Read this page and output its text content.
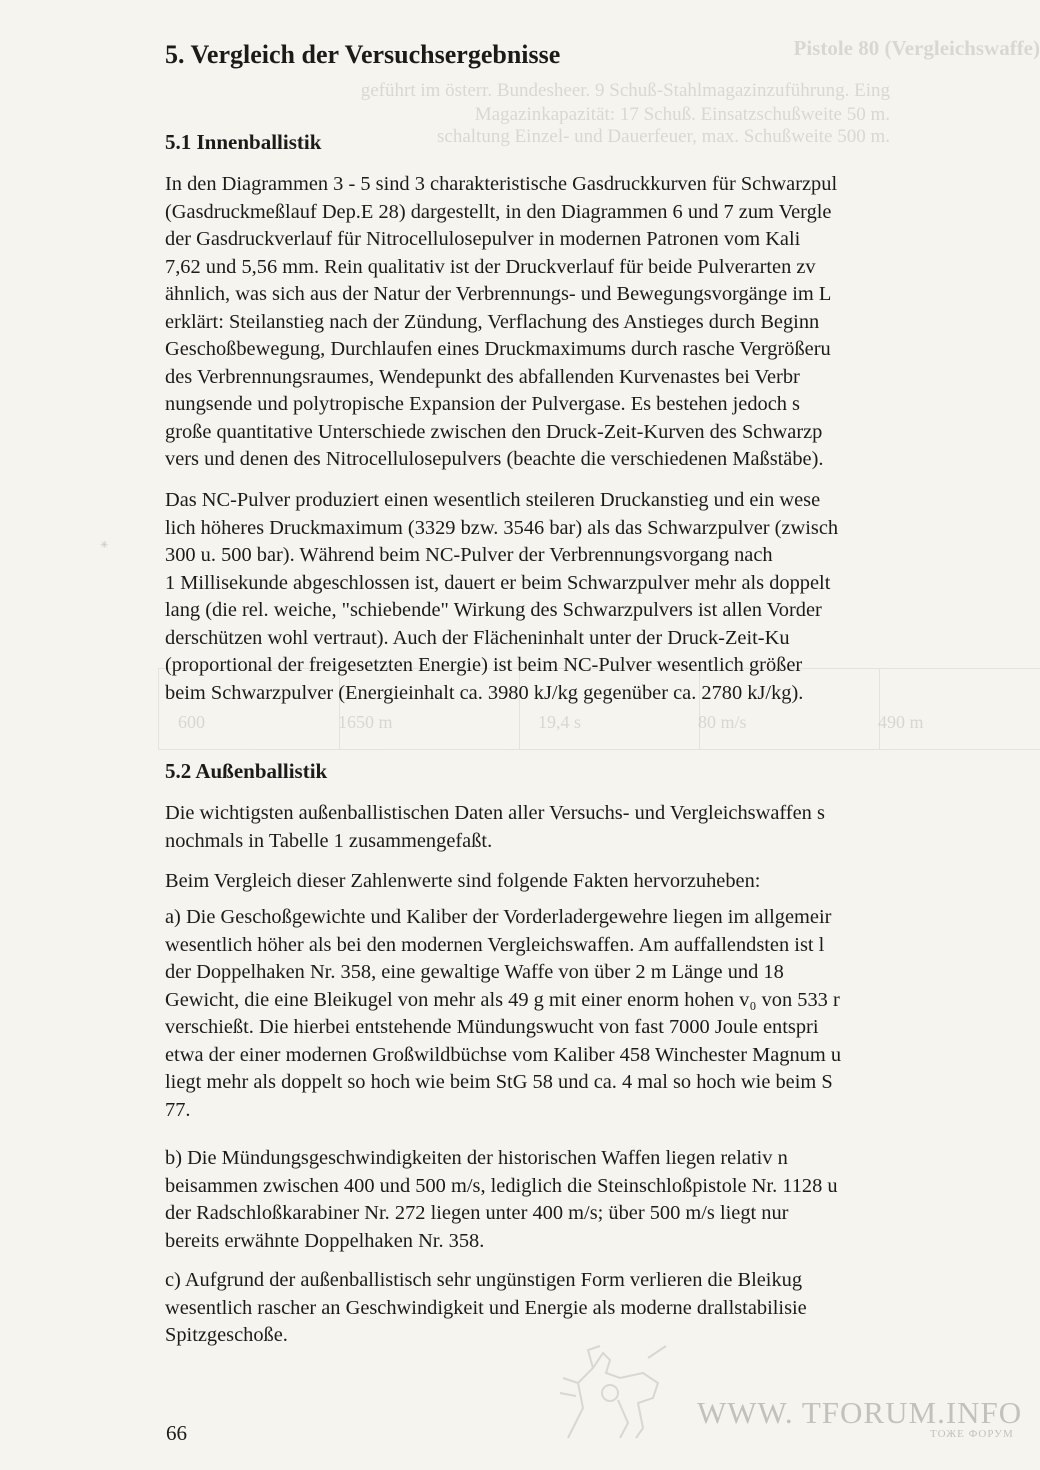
Pistole 80 (Vergleichswaffe)
geführt im österr. Bundesheer. 9 Schuß-Stahlmagazinzuführung. Eing
Magazinkapazität: 17 Schuß. Einsatzschußweite 50 m.
schaltung Einzel- und Dauerfeuer, max. Schußweite 500 m.
600	1650 m	19,4 s	80 m/s	490 m
✳
5. Vergleich der Versuchsergebnisse
5.1 Innenballistik
In den Diagrammen 3 - 5 sind 3 charakteristische Gasdruckkurven für Schwarzpul
(Gasdruckmeßlauf Dep.E 28) dargestellt, in den Diagrammen 6 und 7 zum Vergle
der Gasdruckverlauf für Nitrocellulosepulver in modernen Patronen vom Kali
7,62 und 5,56 mm. Rein qualitativ ist der Druckverlauf für beide Pulverarten zv
ähnlich, was sich aus der Natur der Verbrennungs- und Bewegungsvorgänge im L
erklärt: Steilanstieg nach der Zündung, Verflachung des Anstieges durch Beginn
Geschoßbewegung, Durchlaufen eines Druckmaximums durch rasche Vergrößeru
des Verbrennungsraumes, Wendepunkt des abfallenden Kurvenastes bei Verbr
nungsende und polytropische Expansion der Pulvergase. Es bestehen jedoch s
große quantitative Unterschiede zwischen den Druck-Zeit-Kurven des Schwarzp
vers und denen des Nitrocellulosepulvers (beachte die verschiedenen Maßstäbe).
Das NC-Pulver produziert einen wesentlich steileren Druckanstieg und ein wese
lich höheres Druckmaximum (3329 bzw. 3546 bar) als das Schwarzpulver (zwisch
300 u. 500 bar). Während beim NC-Pulver der Verbrennungsvorgang nach
1 Millisekunde abgeschlossen ist, dauert er beim Schwarzpulver mehr als doppelt
lang (die rel. weiche, "schiebende" Wirkung des Schwarzpulvers ist allen Vorder
derschützen wohl vertraut). Auch der Flächeninhalt unter der Druck-Zeit-Ku
(proportional der freigesetzten Energie) ist beim NC-Pulver wesentlich größer
beim Schwarzpulver (Energieinhalt ca. 3980 kJ/kg gegenüber ca. 2780 kJ/kg).
5.2 Außenballistik
Die wichtigsten außenballistischen Daten aller Versuchs- und Vergleichswaffen s
nochmals in Tabelle 1 zusammengefaßt.
Beim Vergleich dieser Zahlenwerte sind folgende Fakten hervorzuheben:
a) Die Geschoßgewichte und Kaliber der Vorderladergewehre liegen im allgemeir
wesentlich höher als bei den modernen Vergleichswaffen. Am auffallendsten ist l
der Doppelhaken Nr. 358, eine gewaltige Waffe von über 2 m Länge und 18
Gewicht, die eine Bleikugel von mehr als 49 g mit einer enorm hohen v₀ von 533 r
verschießt. Die hierbei entstehende Mündungswucht von fast 7000 Joule entspri
etwa der einer modernen Großwildbüchse vom Kaliber 458 Winchester Magnum u
liegt mehr als doppelt so hoch wie beim StG 58 und ca. 4 mal so hoch wie beim S
77.
b) Die Mündungsgeschwindigkeiten der historischen Waffen liegen relativ n
beisammen zwischen 400 und 500 m/s, lediglich die Steinschloßpistole Nr. 1128 u
der Radschloßkarabiner Nr. 272 liegen unter 400 m/s; über 500 m/s liegt nur
bereits erwähnte Doppelhaken Nr. 358.
c) Aufgrund der außenballistisch sehr ungünstigen Form verlieren die Bleikug
wesentlich rascher an Geschwindigkeit und Energie als moderne drallstabilisie
Spitzgeschoße.
66
WWW. TFORUM.INFO
ТОЖЕ ФОРУМ
